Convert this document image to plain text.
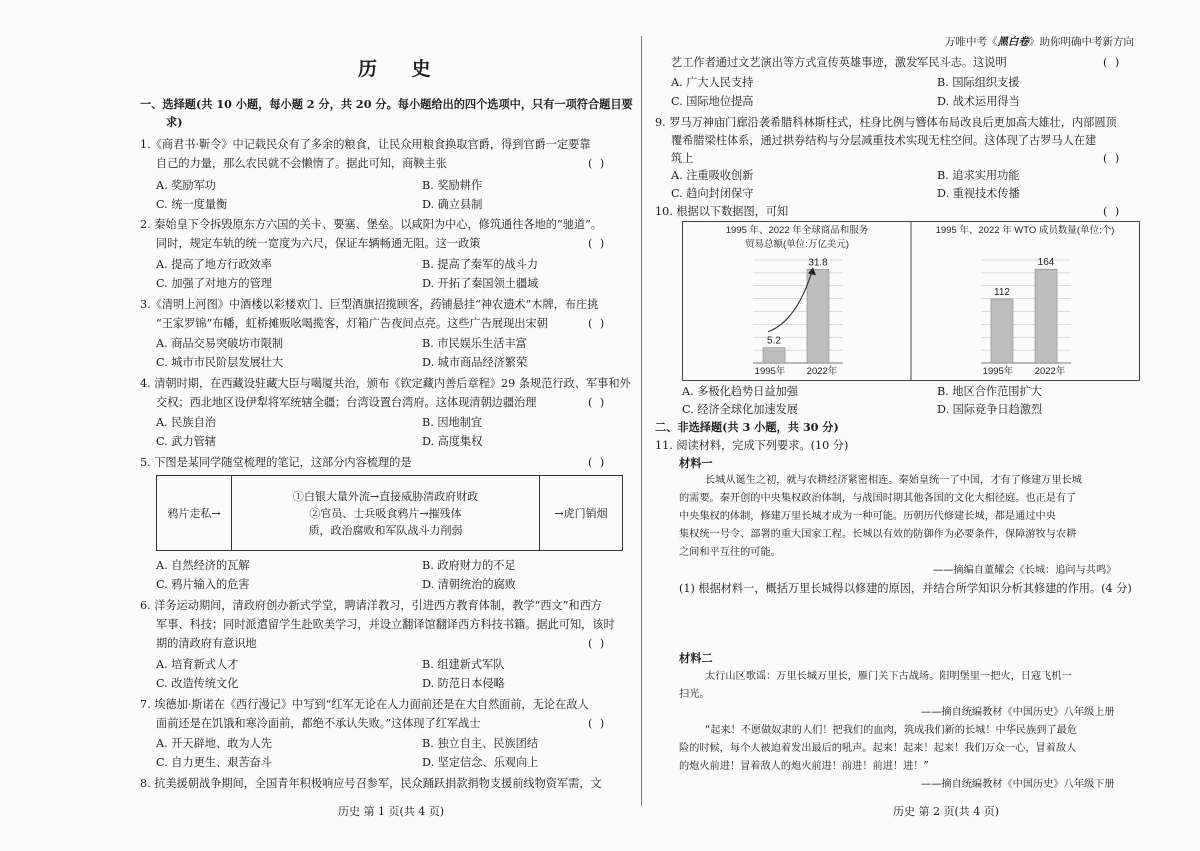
历 史
一、选择题(共 10 小题，每小题 2 分，共 20 分。每小题给出的四个选项中，只有一项符合题目要
求)
1.《商君书·靳令》中记载民众有了多余的粮食，让民众用粮食换取官爵，得到官爵一定要靠
自己的力量，那么农民就不会懒惰了。据此可知，商鞅主张	( )
A. 奖励军功	B. 奖励耕作
C. 统一度量衡	D. 确立县制
2. 秦始皇下令拆毁原东方六国的关卡、要塞、堡垒。以咸阳为中心，修筑通往各地的“驰道”。
同时，规定车轨的统一宽度为六尺，保证车辆畅通无阻。这一政策	( )
A. 提高了地方行政效率	B. 提高了秦军的战斗力
C. 加强了对地方的管理	D. 开拓了秦国领土疆域
3.《清明上河图》中酒楼以彩楼欢门、巨型酒旗招揽顾客，药铺悬挂“神农遗术”木牌，布庄挑
“王家罗锦”布幡，虹桥摊贩吆喝揽客，灯箱广告夜间点亮。这些广告展现出宋朝	( )
A. 商品交易突破坊市限制	B. 市民娱乐生活丰富
C. 城市市民阶层发展壮大	D. 城市商品经济繁荣
4. 清朝时期，在西藏设驻藏大臣与噶厦共治，颁布《钦定藏内善后章程》29 条规范行政、军事和外
交权；西北地区设伊犁将军统辖全疆；台湾设置台湾府。这体现清朝边疆治理	( )
A. 民族自治	B. 因地制宜
C. 武力管辖	D. 高度集权
5. 下图是某同学随堂梳理的笔记，这部分内容梳理的是	( )
鸦片走私→	
①白银大量外流→直接威胁清政府财政
②官员、士兵吸食鸦片→摧残体
质，政治腐败和军队战斗力削弱
	→虎门销烟
A. 自然经济的瓦解	B. 政府财力的不足
C. 鸦片输入的危害	D. 清朝统治的腐败
6. 洋务运动期间，清政府创办新式学堂，聘请洋教习，引进西方教育体制，教学“西文”和西方
军事、科技；同时派遣留学生赴欧美学习，并设立翻译馆翻译西方科技书籍。据此可知，该时
期的清政府有意识地	( )
A. 培育新式人才	B. 组建新式军队
C. 改造传统文化	D. 防范日本侵略
7. 埃德加·斯诺在《西行漫记》中写到“红军无论在人力面前还是在大自然面前，无论在敌人
面前还是在饥饿和寒冷面前，都绝不承认失败。”这体现了红军战士	( )
A. 开天辟地、敢为人先	B. 独立自主、民族团结
C. 自力更生、艰苦奋斗	D. 坚定信念、乐观向上
8. 抗美援朝战争期间，全国青年积极响应号召参军，民众踊跃捐款捐物支援前线物资军需，文
历史 第 1 页(共 4 页)
万唯中考《黑白卷》助你明确中考新方向
艺工作者通过文艺演出等方式宣传英雄事迹，激发军民斗志。这说明	( )
A. 广大人民支持	B. 国际组织支援
C. 国际地位提高	D. 战术运用得当
9. 罗马万神庙门廊沿袭希腊科林斯柱式，柱身比例与簪体布局改良后更加高大雄壮，内部圆顶
覆希腊梁柱体系，通过拱券结构与分层减重技术实现无柱空间。这体现了古罗马人在建
筑上	( )
A. 注重吸收创新	B. 追求实用功能
C. 趋向封闭保守	D. 重视技术传播
10. 根据以下数据图，可知	( )
1995 年、2022 年全球商品和服务
贸易总额(单位:万亿美元)
5.2
1995年
31.8
2022年
1995 年、2022 年 WTO 成员数量(单位:个)
112
1995年
164
2022年
A. 多极化趋势日益加强	B. 地区合作范围扩大
C. 经济全球化加速发展	D. 国际竞争日趋激烈
二、非选择题(共 3 小题，共 30 分)
11. 阅读材料，完成下列要求。(10 分)
材料一
长城从诞生之初，就与农耕经济紧密相连。秦始皇统一了中国，才有了修建万里长城
的需要。秦开创的中央集权政治体制，与战国时期其他各国的文化大相径庭。也正是有了
中央集权的体制，修建万里长城才成为一种可能。历朝历代修建长城，都是通过中央
集权统一号令、部署的重大国家工程。长城以有效的防御作为必要条件，保障游牧与农耕
之间和平互往的可能。
——摘编自董耀会《长城：追问与共鸣》
(1) 根据材料一，概括万里长城得以修建的原因，并结合所学知识分析其修建的作用。(4 分)
材料二
太行山区歌谣：万里长城万里长，雁门关下古战场。阳明堡里一把火，日寇飞机一
扫光。
——摘自统编教材《中国历史》八年级上册
“起来！不愿做奴隶的人们！把我们的血肉，筑成我们新的长城！中华民族到了最危
险的时候，每个人被迫着发出最后的吼声。起来！起来！起来！我们万众一心，冒着敌人
的炮火前进！冒着敌人的炮火前进！前进！前进！进！”
——摘自统编教材《中国历史》八年级下册
历史 第 2 页(共 4 页)
